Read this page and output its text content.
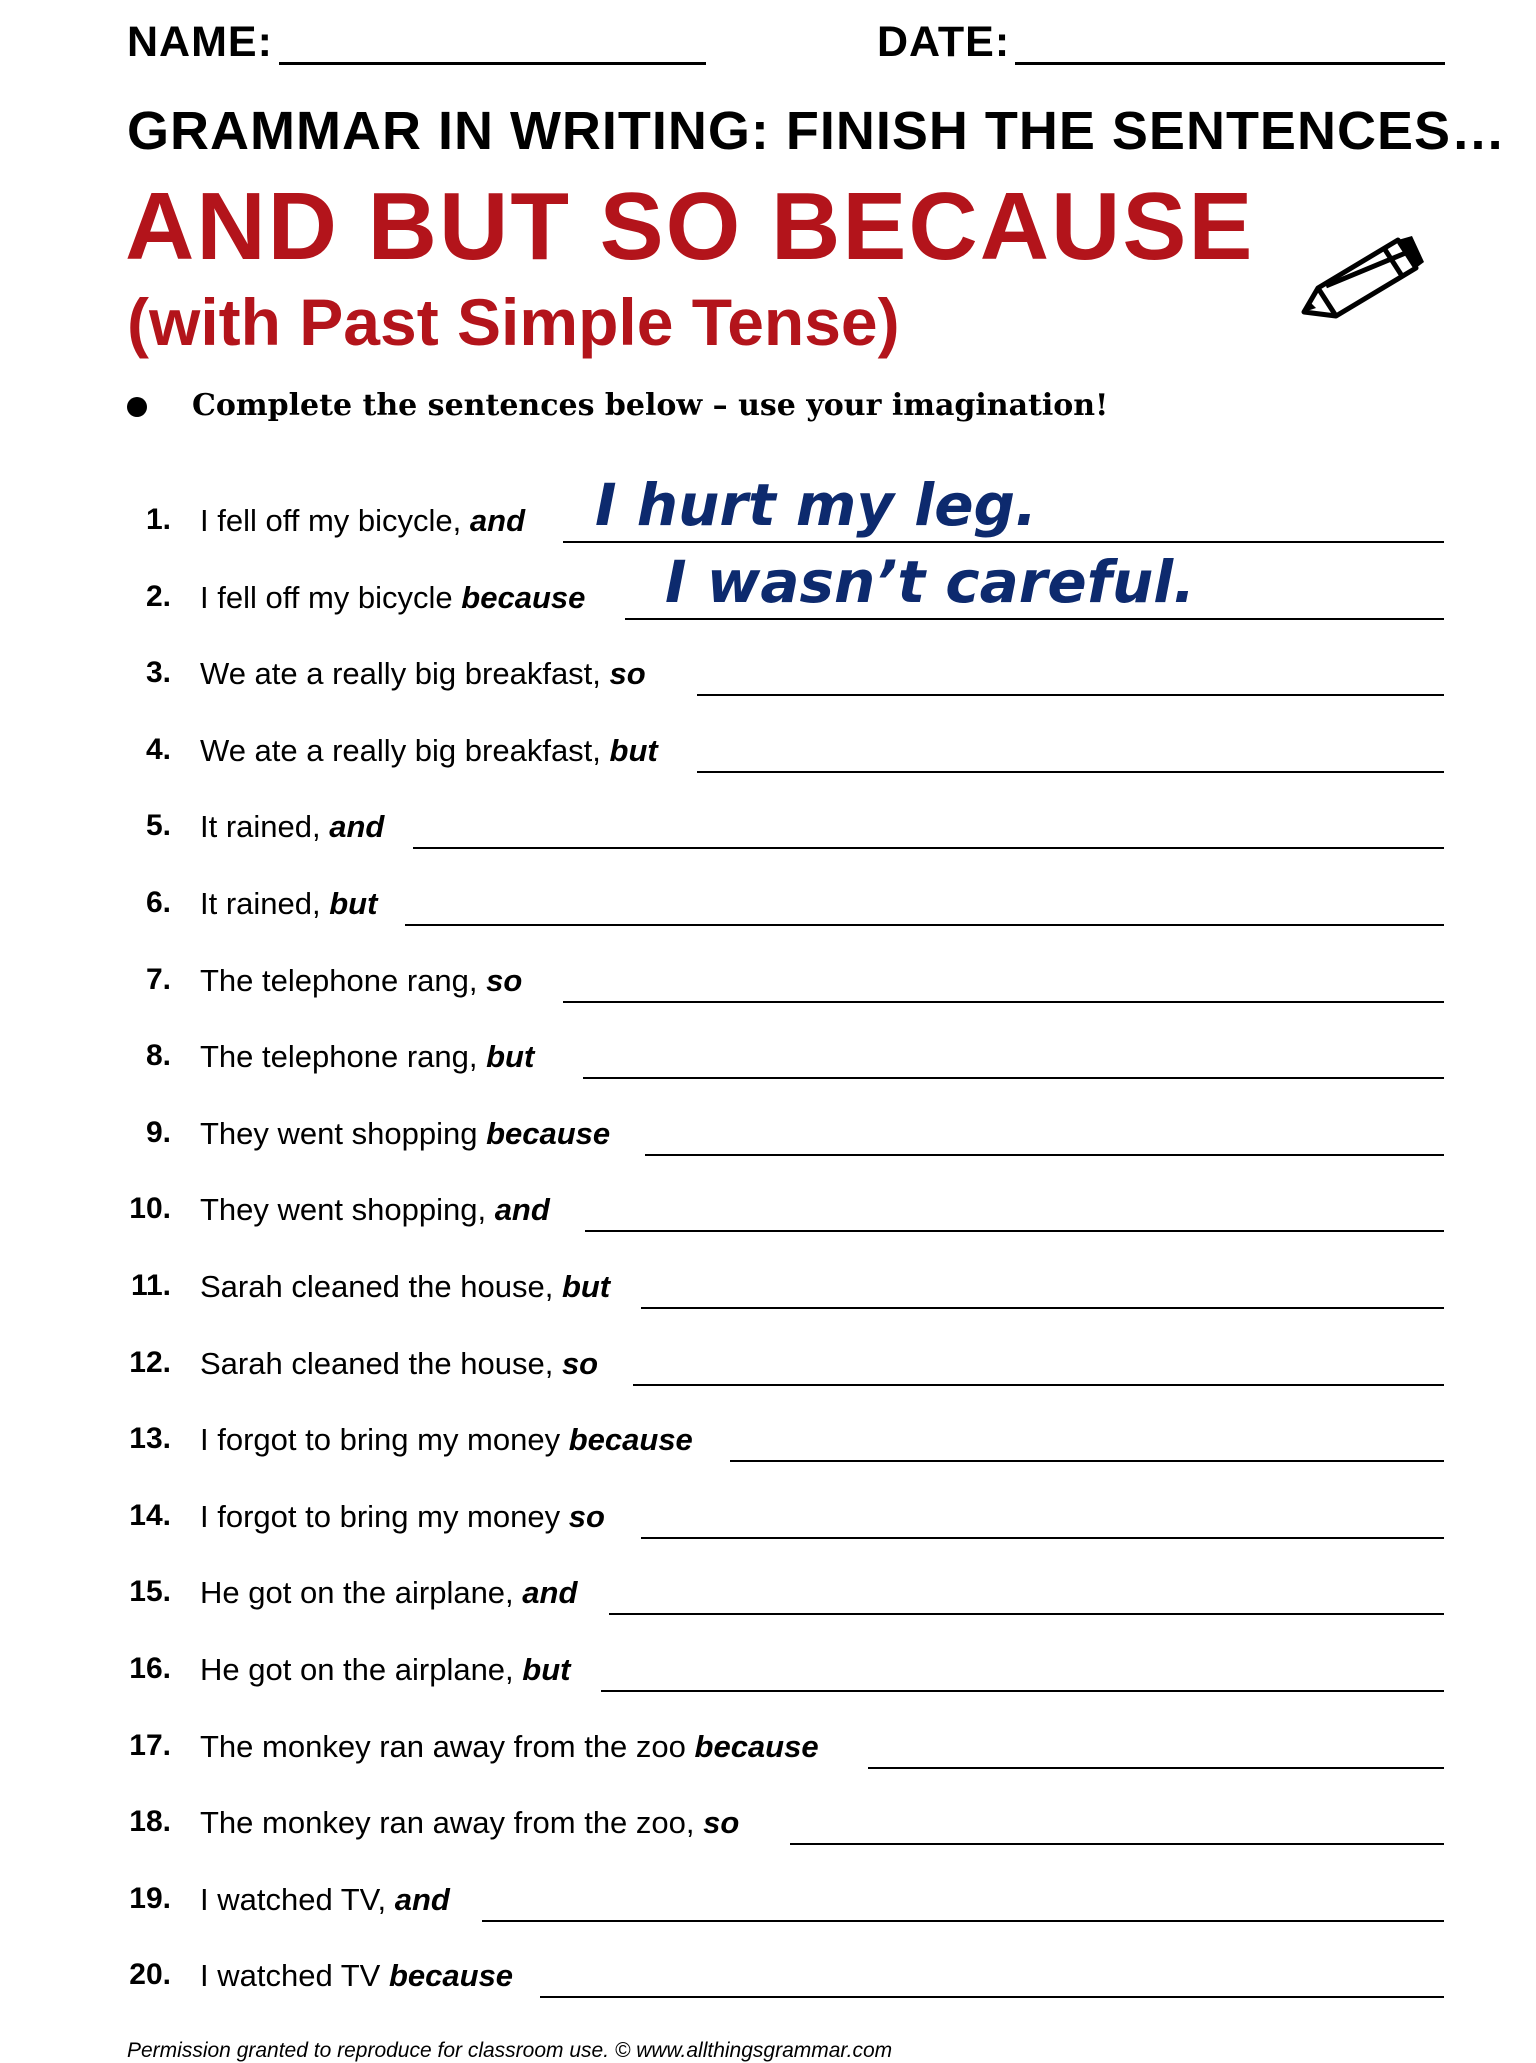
NAME:	DATE:
GRAMMAR IN WRITING: FINISH THE SENTENCES…
AND BUT SO BECAUSE
(with Past Simple Tense)
Complete the sentences below – use your imagination!
1. I fell off my bicycle, and I hurt my leg.
2. I fell off my bicycle because I wasn’t careful.
3. We ate a really big breakfast, so
4. We ate a really big breakfast, but
5. It rained, and
6. It rained, but
7. The telephone rang, so
8. The telephone rang, but
9. They went shopping because
10. They went shopping, and
11. Sarah cleaned the house, but
12. Sarah cleaned the house, so
13. I forgot to bring my money because
14. I forgot to bring my money so
15. He got on the airplane, and
16. He got on the airplane, but
17. The monkey ran away from the zoo because
18. The monkey ran away from the zoo, so
19. I watched TV, and
20. I watched TV because
Permission granted to reproduce for classroom use. © www.allthingsgrammar.com
